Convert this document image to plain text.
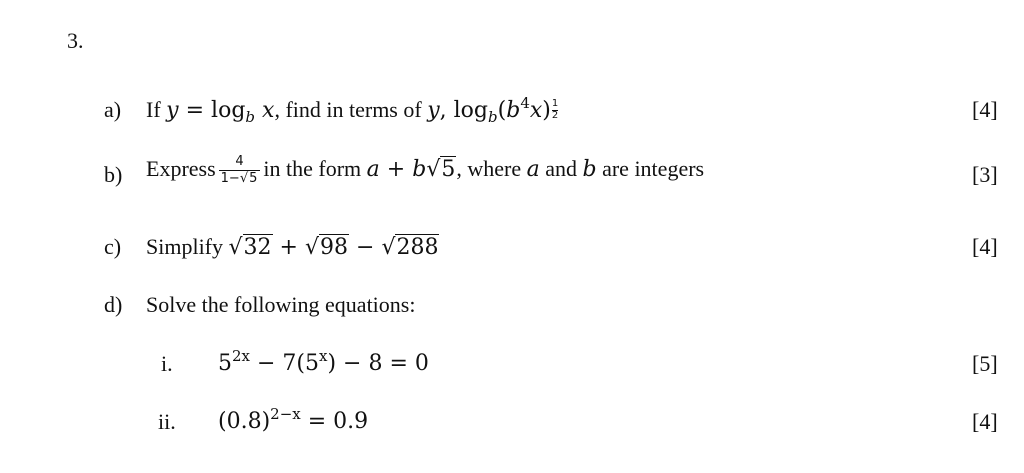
3.
a) If $y = \log_b x$, find in terms of y, $\log_b(b^4x) \frac{1}{2}$	[4]
b) Express $\frac{4}{1-√5}$ in the form a + b√5, where a and b are integers	[3]
c) Simplify √32 + √98 − √288	[4]
d) Solve the following equations:
i. $5^{2x} - 7(5^x) - 8 = 0$	[5]
ii. $(0.8)^{2-x} = 0.9$	[4]
